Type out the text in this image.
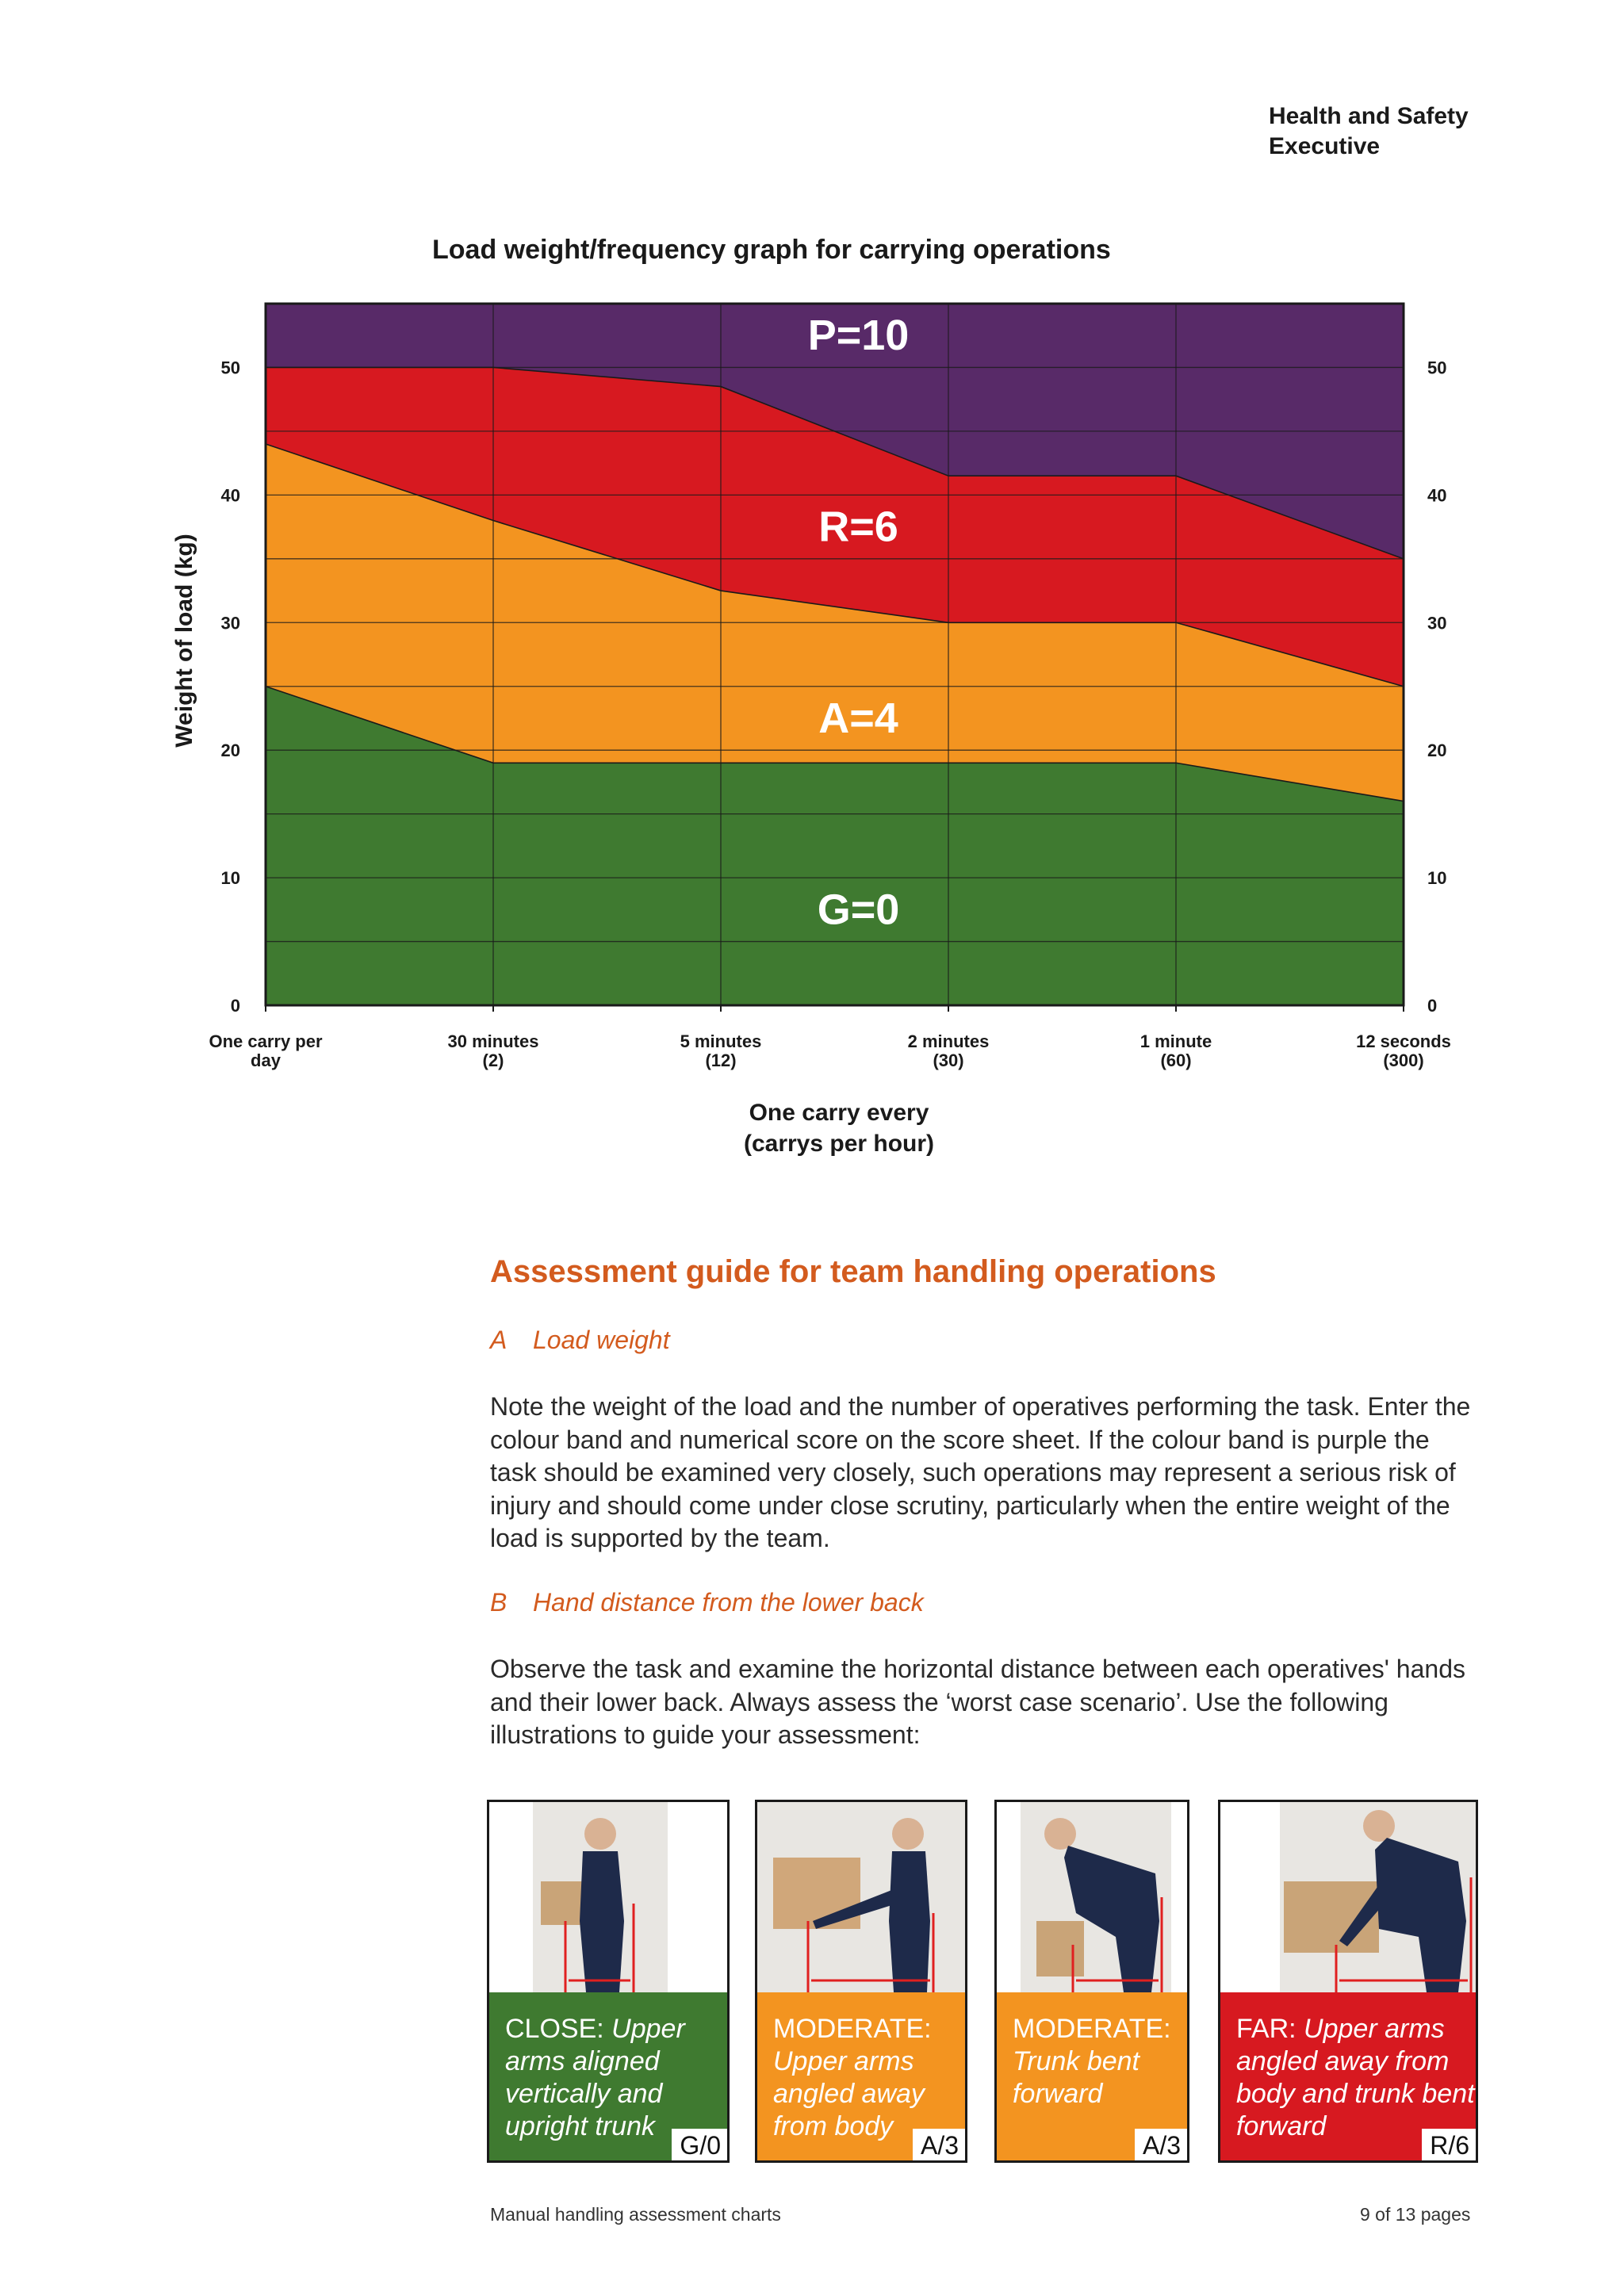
Health and Safety
Executive
Load weight/frequency graph for carrying operations
0	0
10	10
20	20
30	30
40	40
50	50
G=0
A=4
R=6
P=10
Weight of load (kg)
One carry per
day
30 minutes
(2)
5 minutes
(12)
2 minutes
(30)
1 minute
(60)
12 seconds
(300)
One carry every
(carrys per hour)
Assessment guide for team handling operations
A Load weight
Note the weight of the load and the number of operatives performing the task. Enter the colour band and numerical score on the score sheet. If the colour band is purple the task should be examined very closely, such operations may represent a serious risk of injury and should come under close scrutiny, particularly when the entire weight of the load is supported by the team.
B Hand distance from the lower back
Observe the task and examine the horizontal distance between each operatives' hands and their lower back. Always assess the ‘worst case scenario’. Use the following illustrations to guide your assessment:
CLOSE: Upper arms aligned vertically and upright trunk
G/0
MODERATE: Upper arms angled away from body
A/3
MODERATE: Trunk bent forward
A/3
FAR: Upper arms angled away from body and trunk bent forward
R/6
Manual handling assessment charts	9 of 13 pages
